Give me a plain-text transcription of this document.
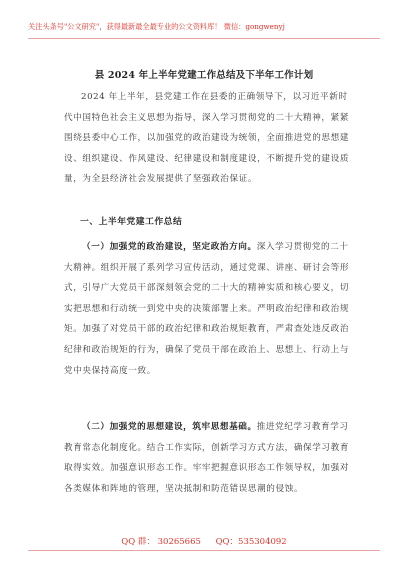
关注头条号"公文研究"，获得最新最全最专业的公文资料库！ 微信：gongwenyj
县 2024 年上半年党建工作总结及下半年工作计划
2024 年上半年，县党建工作在县委的正确领导下，以习近平新时代中国特色社会主义思想为指导，深入学习贯彻党的二十大精神，紧紧围绕县委中心工作，以加强党的政治建设为统领，全面推进党的思想建设、组织建设、作风建设、纪律建设和制度建设，不断提升党的建设质量，为全县经济社会发展提供了坚强政治保证。
一、上半年党建工作总结
（一）加强党的政治建设，坚定政治方向。深入学习贯彻党的二十大精神。组织开展了系列学习宣传活动，通过党课、讲座、研讨会等形式，引导广大党员干部深刻领会党的二十大的精神实质和核心要义，切实把思想和行动统一到党中央的决策部署上来。严明政治纪律和政治规矩。加强了对党员干部的政治纪律和政治规矩教育，严肃查处违反政治纪律和政治规矩的行为，确保了党员干部在政治上、思想上、行动上与党中央保持高度一致。
（二）加强党的思想建设，筑牢思想基础。推进党纪学习教育学习教育常态化制度化。结合工作实际，创新学习方式方法，确保学习教育取得实效。加强意识形态工作。牢牢把握意识形态工作领导权，加强对各类媒体和阵地的管理，坚决抵制和防范错误思潮的侵蚀。
QQ 群： 30265665 QQ：535304092
